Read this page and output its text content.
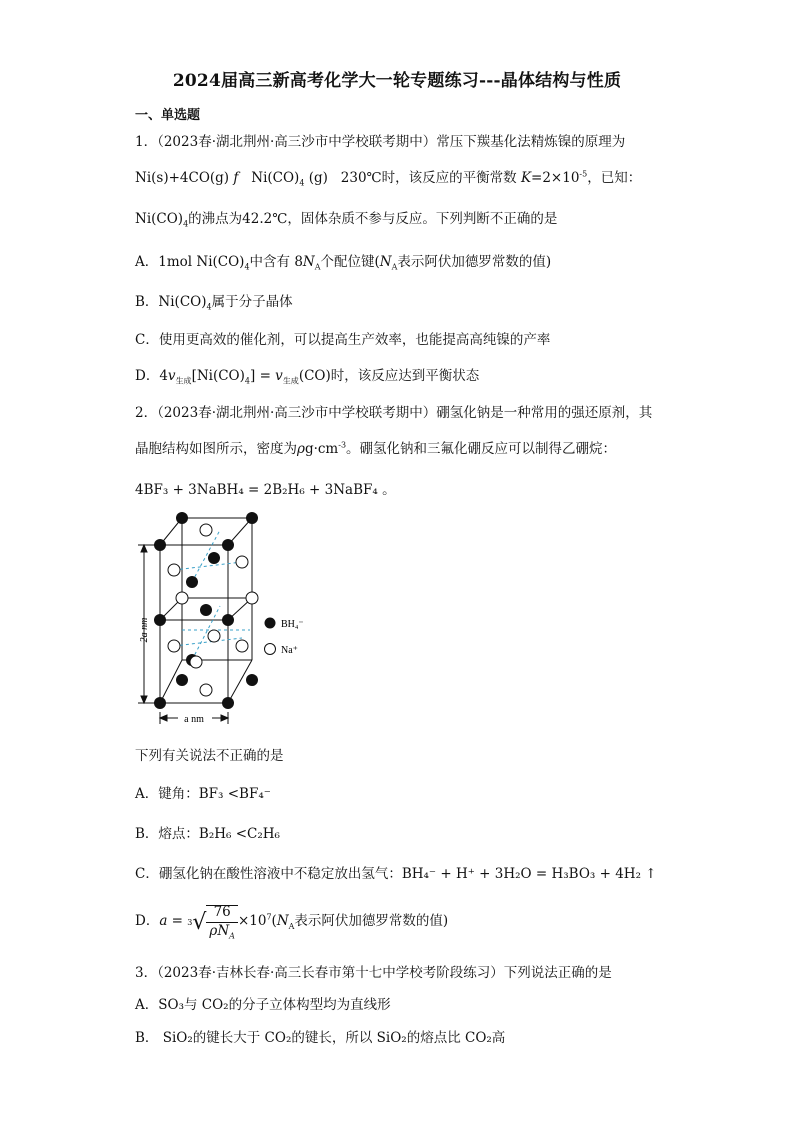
2024届高三新高考化学大一轮专题练习---晶体结构与性质
一、单选题
1．（2023春·湖北荆州·高三沙市中学校联考期中）常压下羰基化法精炼镍的原理为
Ni(s)+4CO(g) f $Ni(CO)_4$ (g) 230℃时，该反应的平衡常数 $K=2\times 10^{-5}$，已知：
$Ni(CO)_4$的沸点为42.2℃，固体杂质不参与反应。下列判断不正确的是
A．1mol $Ni(CO)_4$中含有 $8N_A$个配位键($N_A$表示阿伏加德罗常数的值)
B．$Ni(CO)_4$属于分子晶体
C．使用更高效的催化剂，可以提高生产效率，也能提高高纯镍的产率
D．$4v_{生成}[Ni(CO)_4] = v_{生成}(CO)$时，该反应达到平衡状态
2．（2023春·湖北荆州·高三沙市中学校联考期中）硼氢化钠是一种常用的强还原剂，其
晶胞结构如图所示，密度为$\rho g\cdot cm^{-3}$。硼氢化钠和三氟化硼反应可以制得乙硼烷：
4BF₃ + 3NaBH₄ = 2B₂H₆ + 3NaBF₄ 。
2a nm
a nm
BH₄⁻
Na⁺
下列有关说法不正确的是
A．键角：BF₃ <BF₄⁻
B．熔点：B₂H₆ <C₂H₆
C．硼氢化钠在酸性溶液中不稳定放出氢气：BH₄⁻ + H⁺ + 3H₂O = H₃BO₃ + 4H₂ ↑
D．a = 3 √ $\frac{76}{\rho N_A} \times 10^7(N_A$表示阿伏加德罗常数的值)
3．（2023春·吉林长春·高三长春市第十七中学校考阶段练习）下列说法正确的是
A．SO₃与 CO₂的分子立体构型均为直线形
B． SiO₂的键长大于 CO₂的键长，所以 SiO₂的熔点比 CO₂高
